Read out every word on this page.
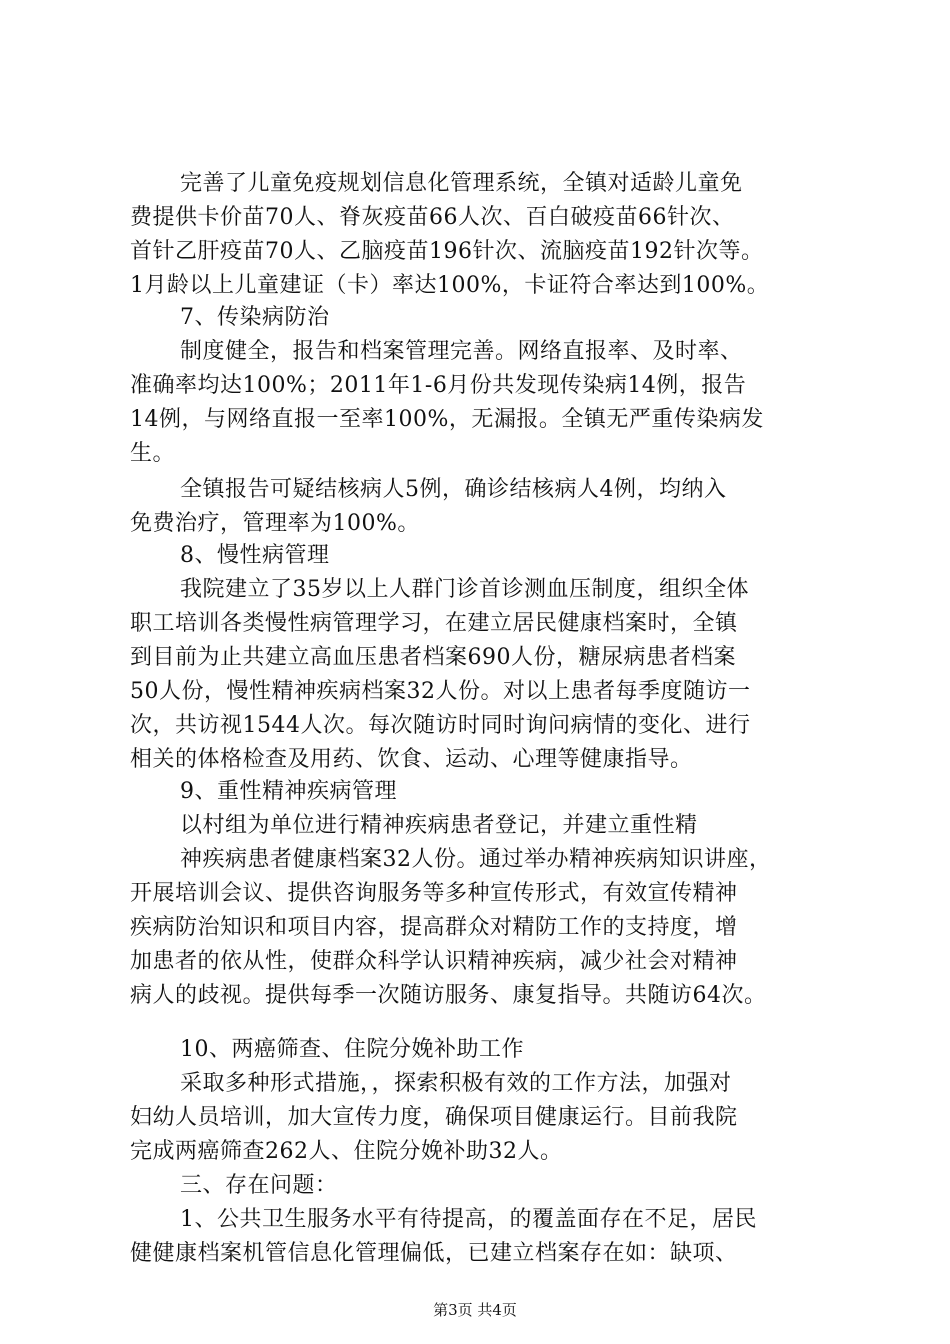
完善了儿童免疫规划信息化管理系统，全镇对适龄儿童免
费提供卡价苗70人、脊灰疫苗66人次、百白破疫苗66针次、
首针乙肝疫苗70人、乙脑疫苗196针次、流脑疫苗192针次等。
1月龄以上儿童建证（卡）率达100%，卡证符合率达到100%。
7、传染病防治
制度健全，报告和档案管理完善。网络直报率、及时率、
准确率均达100%；2011年1-6月份共发现传染病14例，报告
14例，与网络直报一至率100%，无漏报。全镇无严重传染病发
生。
全镇报告可疑结核病人5例，确诊结核病人4例，均纳入
免费治疗，管理率为100%。
8、慢性病管理
我院建立了35岁以上人群门诊首诊测血压制度，组织全体
职工培训各类慢性病管理学习，在建立居民健康档案时，全镇
到目前为止共建立高血压患者档案690人份，糖尿病患者档案
50人份，慢性精神疾病档案32人份。对以上患者每季度随访一
次，共访视1544人次。每次随访时同时询问病情的变化、进行
相关的体格检查及用药、饮食、运动、心理等健康指导。
9、重性精神疾病管理
以村组为单位进行精神疾病患者登记，并建立重性精
神疾病患者健康档案32人份。通过举办精神疾病知识讲座，
开展培训会议、提供咨询服务等多种宣传形式，有效宣传精神
疾病防治知识和项目内容，提高群众对精防工作的支持度，增
加患者的依从性，使群众科学认识精神疾病，减少社会对精神
病人的歧视。提供每季一次随访服务、康复指导。共随访64次。
10、两癌筛查、住院分娩补助工作
采取多种形式措施，，探索积极有效的工作方法，加强对
妇幼人员培训，加大宣传力度，确保项目健康运行。目前我院
完成两癌筛查262人、住院分娩补助32人。
三、存在问题：
1、公共卫生服务水平有待提高，的覆盖面存在不足，居民
健健康档案机管信息化管理偏低，已建立档案存在如：缺项、
第3页 共4页
